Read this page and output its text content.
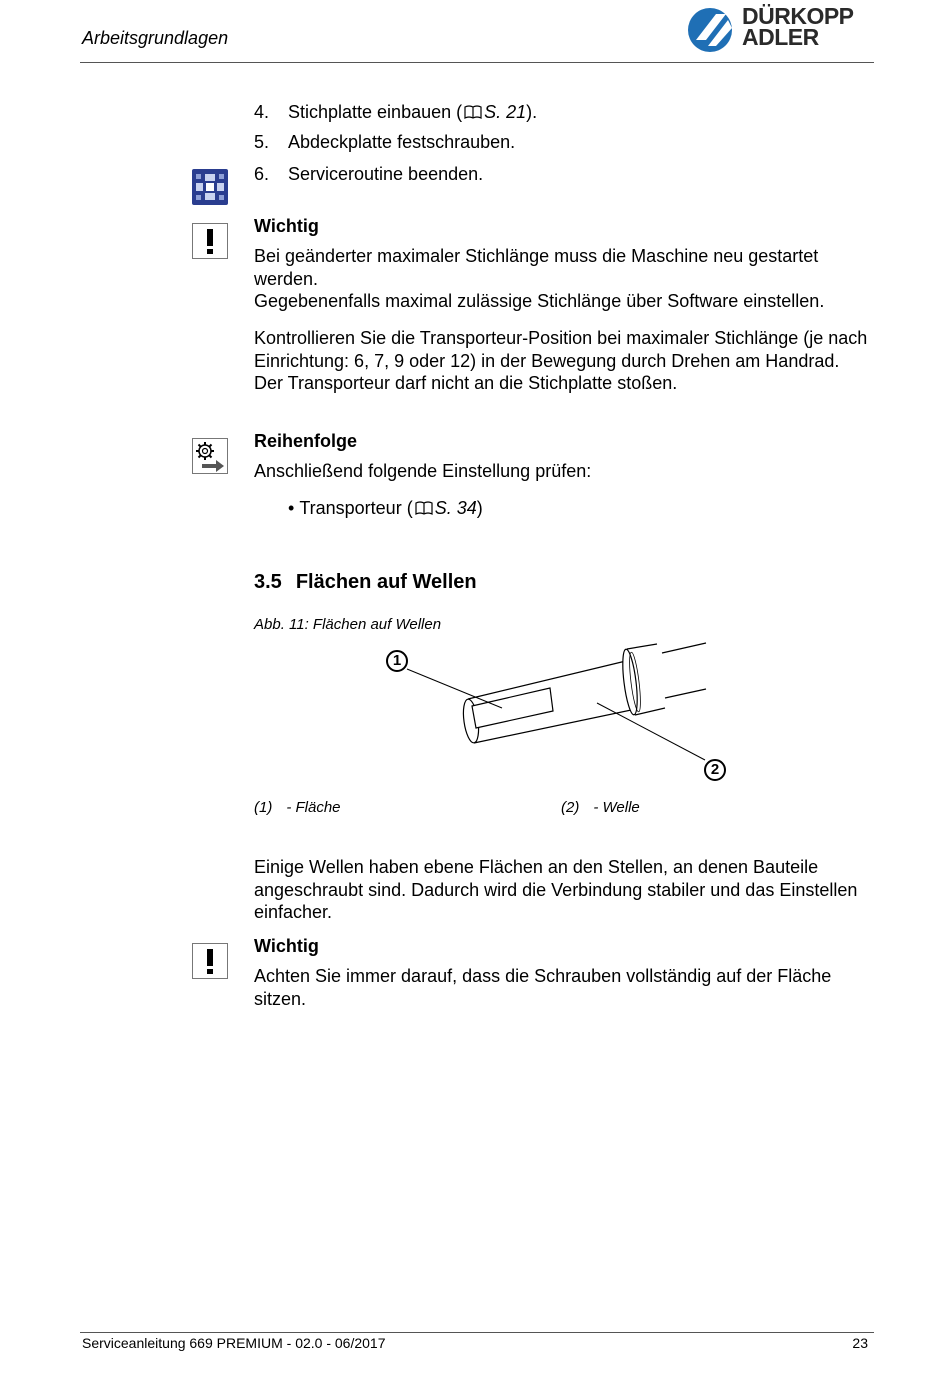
Arbeitsgrundlagen
DÜRKOPP
ADLER
4. Stichplatte einbauen ( S. 21).
5. Abdeckplatte festschrauben.
6. Serviceroutine beenden.
Wichtig
Bei geänderter maximaler Stichlänge muss die Maschine neu gestartet werden.
Gegebenenfalls maximal zulässige Stichlänge über Software einstellen.
Kontrollieren Sie die Transporteur-Position bei maximaler Stichlänge (je nach Einrichtung: 6, 7, 9 oder 12) in der Bewegung durch Drehen am Handrad. Der Transporteur darf nicht an die Stichplatte stoßen.
Reihenfolge
Anschließend folgende Einstellung prüfen:
• Transporteur ( S. 34)
3.5 Flächen auf Wellen
Abb. 11: Flächen auf Wellen
1
2
(1) - Fläche	(2) - Welle
Einige Wellen haben ebene Flächen an den Stellen, an denen Bauteile angeschraubt sind. Dadurch wird die Verbindung stabiler und das Einstellen einfacher.
Wichtig
Achten Sie immer darauf, dass die Schrauben vollständig auf der Fläche sitzen.
Serviceanleitung 669 PREMIUM - 02.0 - 06/2017	23
